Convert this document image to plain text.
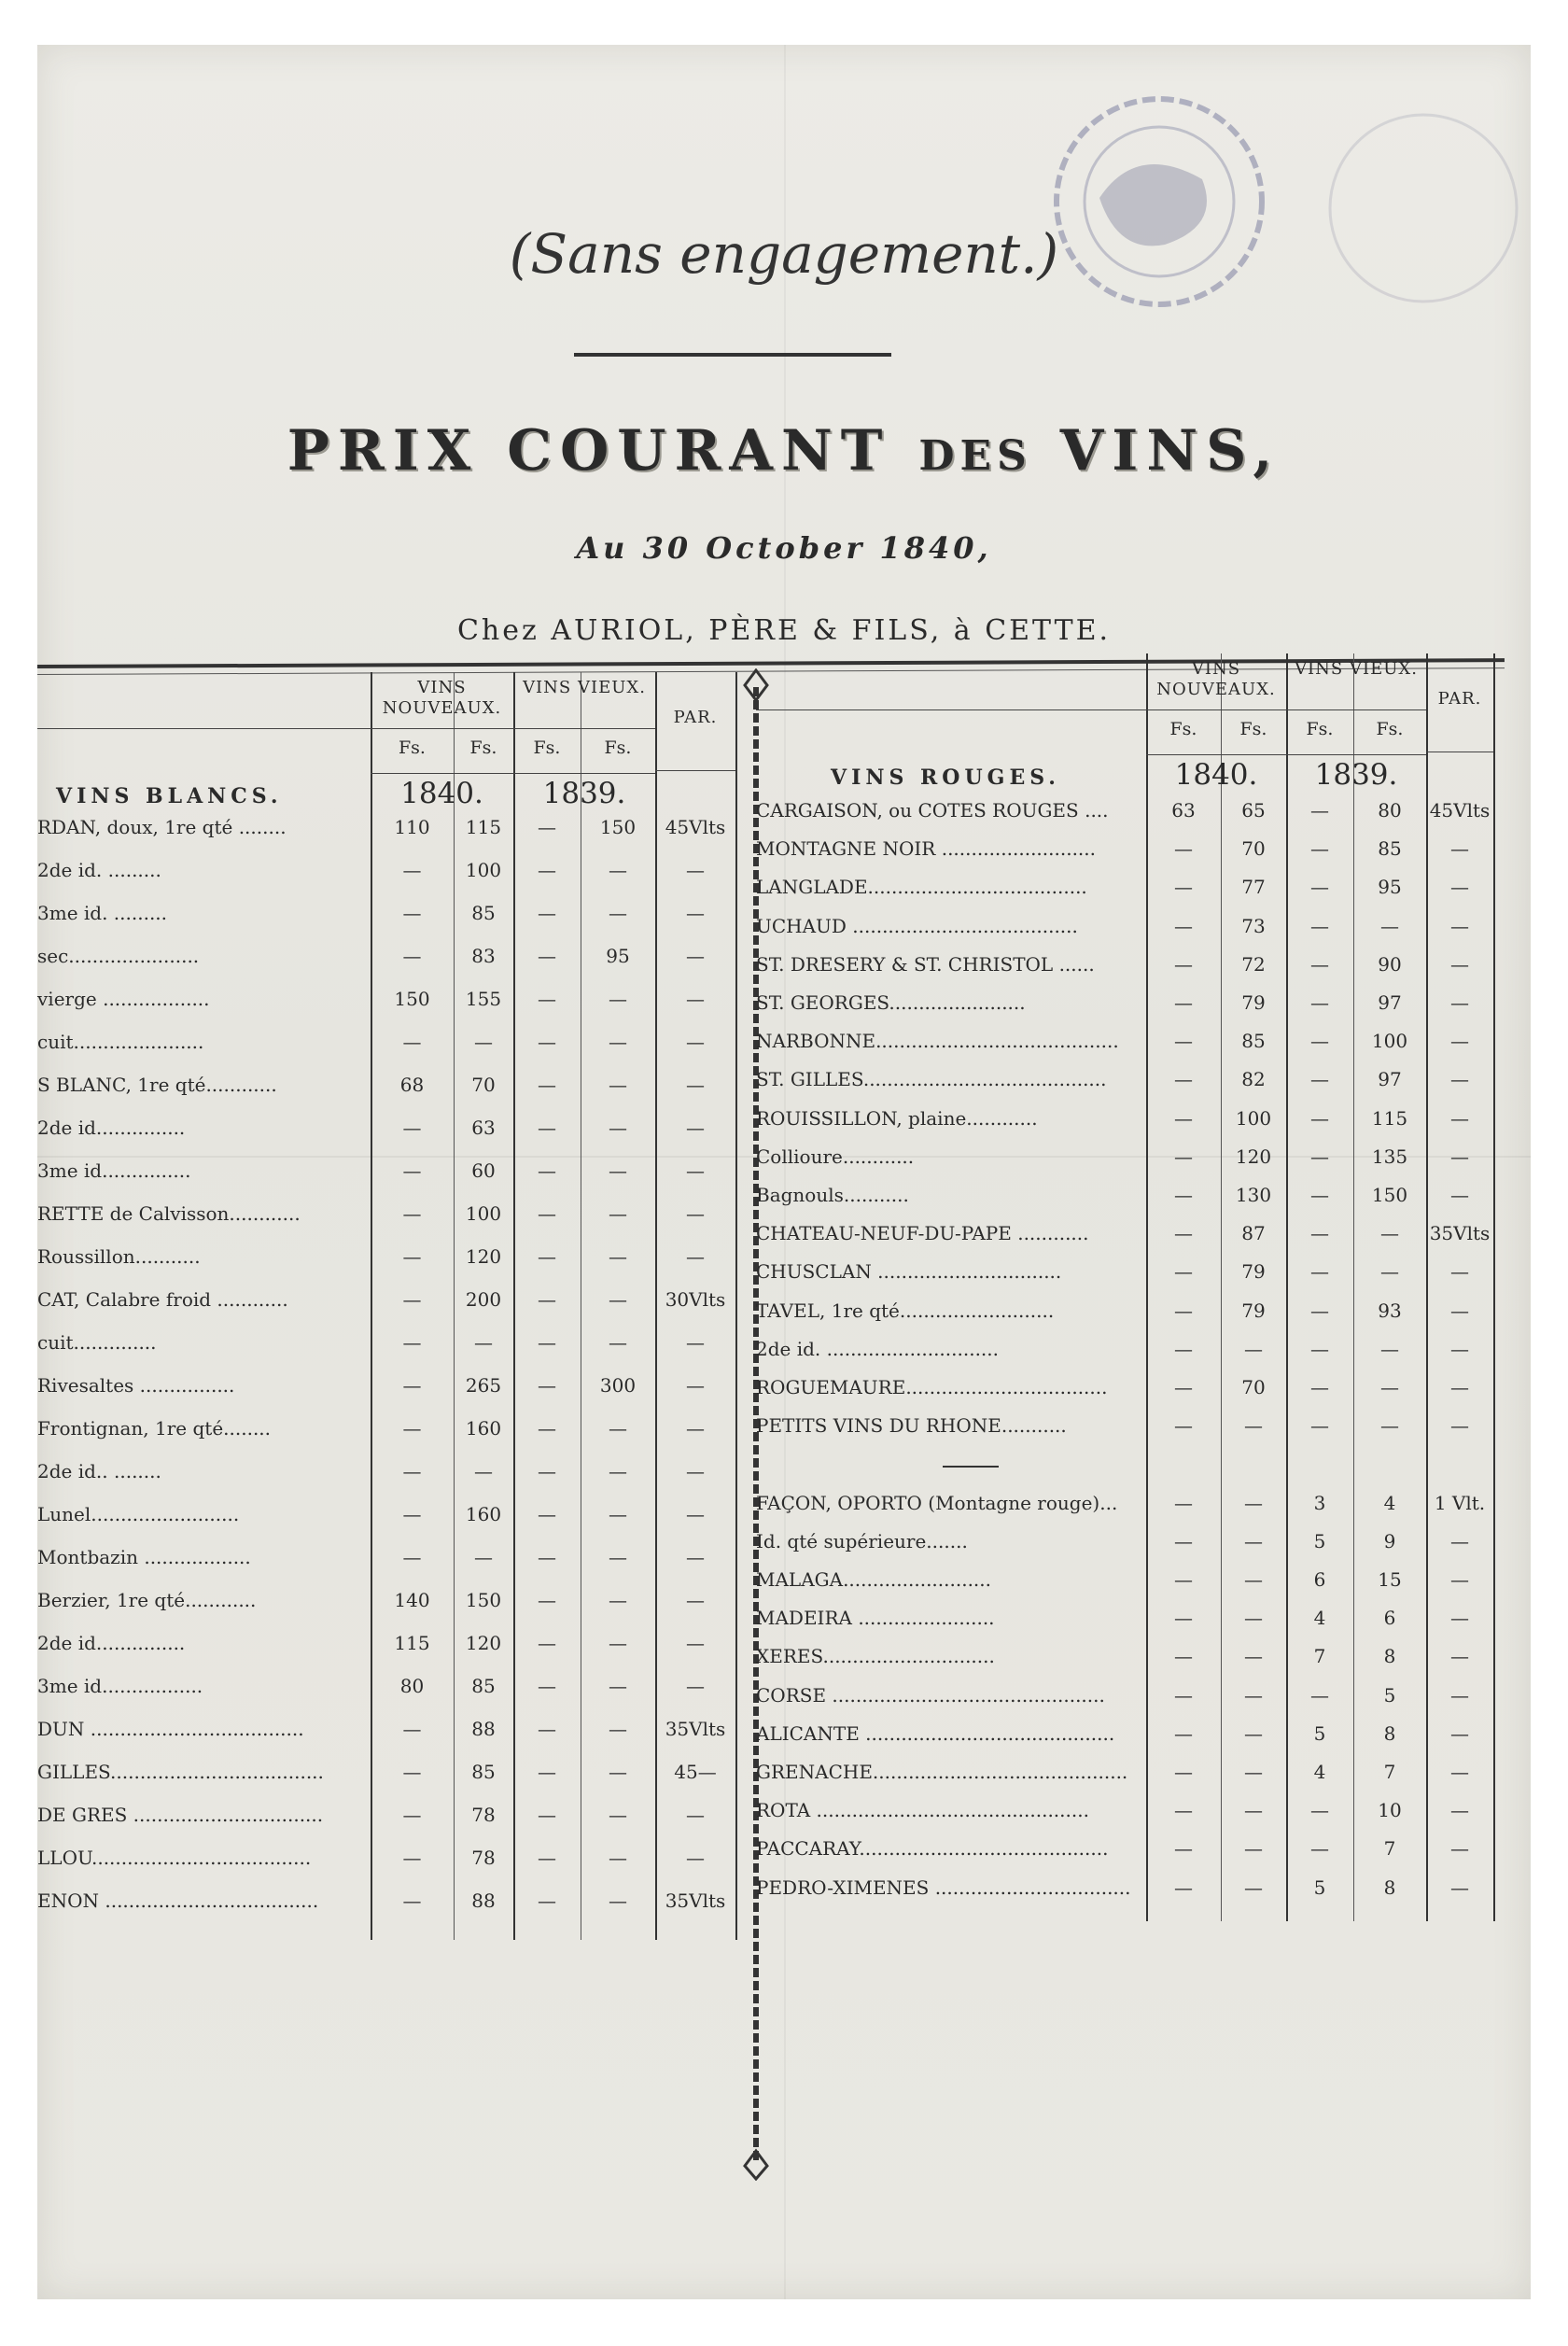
(Sans engagement.)
PRIX COURANT DES VINS,
Au 30 October 1840,
Chez AURIOL, PÈRE & FILS, à CETTE.
VINS NOUVEAUX.
VINS VIEUX.
PAR.
Fs.	Fs.	Fs.	Fs.
1840.	1839.
VINS BLANCS.
RDAN, doux, 1re qté ........	110	115	—	150	45Vlts
2de id. .........	—	100	—	—	—
3me id. .........	—	85	—	—	—
sec......................	—	83	—	95	—
vierge ..................	150	155	—	—	—
cuit......................	—	—	—	—	—
S BLANC, 1re qté............	68	70	—	—	—
2de id...............	—	63	—	—	—
3me id...............	—	60	—	—	—
RETTE de Calvisson............	—	100	—	—	—
Roussillon...........	—	120	—	—	—
CAT, Calabre froid ............	—	200	—	—	30Vlts
cuit..............	—	—	—	—	—
Rivesaltes ................	—	265	—	300	—
Frontignan, 1re qté........	—	160	—	—	—
2de id.. ........	—	—	—	—	—
Lunel.........................	—	160	—	—	—
Montbazin ..................	—	—	—	—	—
Berzier, 1re qté............	140	150	—	—	—
2de id...............	115	120	—	—	—
3me id.................	80	85	—	—	—
DUN ....................................	—	88	—	—	35Vlts
GILLES....................................	—	85	—	—	45—
DE GRES ................................	—	78	—	—	—
LLOU.....................................	—	78	—	—	—
ENON ....................................	—	88	—	—	35Vlts
VINS NOUVEAUX.
VINS VIEUX.
PAR.
Fs.	Fs.	Fs.	Fs.
1840.	1839.
VINS ROUGES.
CARGAISON, ou COTES ROUGES ....	63	65	—	80	45Vlts
MONTAGNE NOIR ..........................	—	70	—	85	—
LANGLADE.....................................	—	77	—	95	—
UCHAUD ......................................	—	73	—	—	—
ST. DRESERY & ST. CHRISTOL ......	—	72	—	90	—
ST. GEORGES.......................	—	79	—	97	—
NARBONNE.........................................	—	85	—	100	—
ST. GILLES.........................................	—	82	—	97	—
ROUISSILLON, plaine............	—	100	—	115	—
Collioure............	—	120	—	135	—
Bagnouls...........	—	130	—	150	—
CHATEAU-NEUF-DU-PAPE ............	—	87	—	—	35Vlts
CHUSCLAN ...............................	—	79	—	—	—
TAVEL, 1re qté..........................	—	79	—	93	—
2de id. .............................	—	—	—	—	—
ROGUEMAURE..................................	—	70	—	—	—
PETITS VINS DU RHONE...........	—	—	—	—	—
FAÇON, OPORTO (Montagne rouge)...	—	—	3	4	1 Vlt.
Id. qté supérieure.......	—	—	5	9	—
MALAGA.........................	—	—	6	15	—
MADEIRA .......................	—	—	4	6	—
XERES.............................	—	—	7	8	—
CORSE ..............................................	—	—	—	5	—
ALICANTE ..........................................	—	—	5	8	—
GRENACHE...........................................	—	—	4	7	—
ROTA ..............................................	—	—	—	10	—
PACCARAY..........................................	—	—	—	7	—
PEDRO-XIMENES .................................	—	—	5	8	—
